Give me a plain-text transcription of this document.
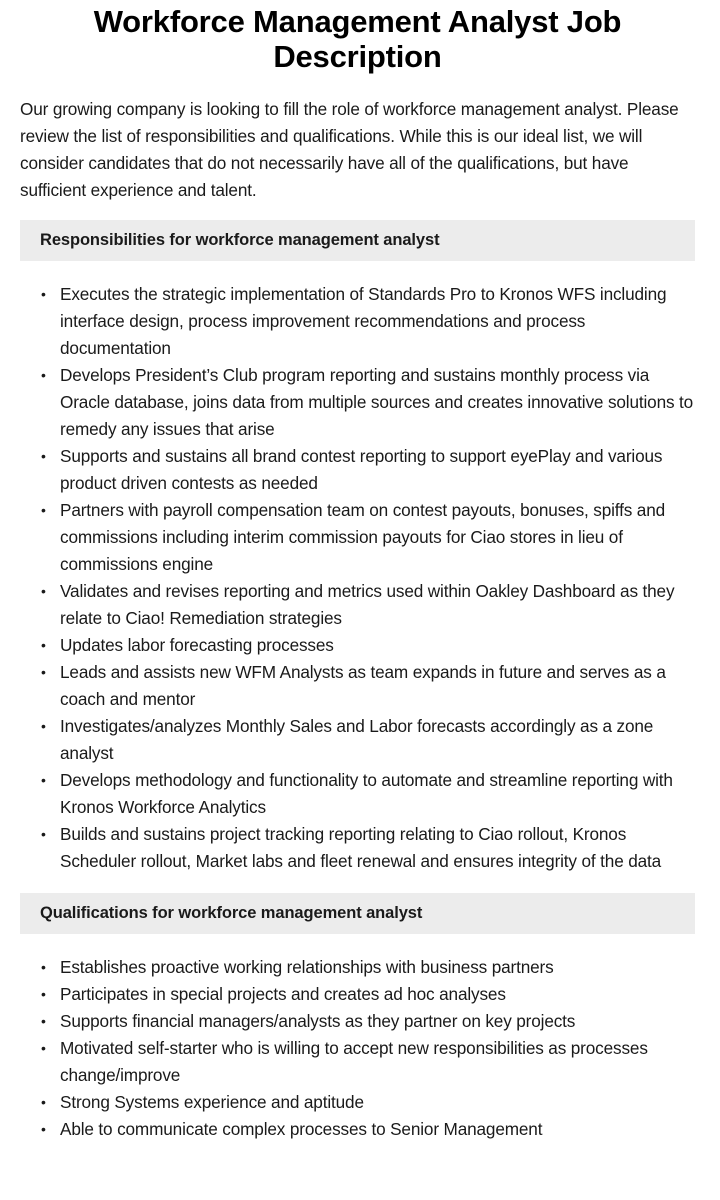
Workforce Management Analyst Job Description

Our growing company is looking to fill the role of workforce management analyst. Please review the list of responsibilities and qualifications. While this is our ideal list, we will consider candidates that do not necessarily have all of the qualifications, but have sufficient experience and talent.

Responsibilities for workforce management analyst
• Executes the strategic implementation of Standards Pro to Kronos WFS including interface design, process improvement recommendations and process documentation
• Develops President’s Club program reporting and sustains monthly process via Oracle database, joins data from multiple sources and creates innovative solutions to remedy any issues that arise
• Supports and sustains all brand contest reporting to support eyePlay and various product driven contests as needed
• Partners with payroll compensation team on contest payouts, bonuses, spiffs and commissions including interim commission payouts for Ciao stores in lieu of commissions engine
• Validates and revises reporting and metrics used within Oakley Dashboard as they relate to Ciao! Remediation strategies
• Updates labor forecasting processes
• Leads and assists new WFM Analysts as team expands in future and serves as a coach and mentor
• Investigates/analyzes Monthly Sales and Labor forecasts accordingly as a zone analyst
• Develops methodology and functionality to automate and streamline reporting with Kronos Workforce Analytics
• Builds and sustains project tracking reporting relating to Ciao rollout, Kronos Scheduler rollout, Market labs and fleet renewal and ensures integrity of the data
Qualifications for workforce management analyst
• Establishes proactive working relationships with business partners
• Participates in special projects and creates ad hoc analyses
• Supports financial managers/analysts as they partner on key projects
• Motivated self-starter who is willing to accept new responsibilities as processes change/improve
• Strong Systems experience and aptitude
• Able to communicate complex processes to Senior Management
